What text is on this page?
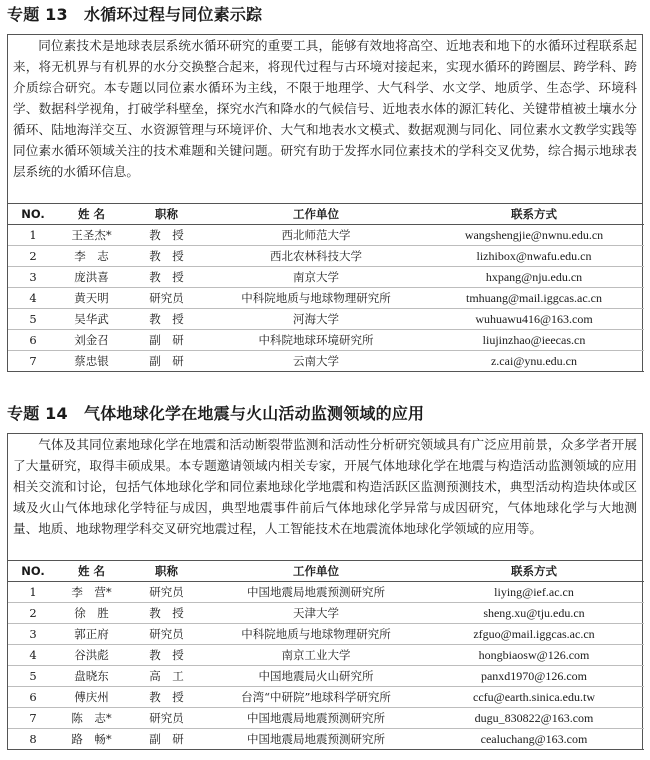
专题 13　水循环过程与同位素示踪
同位素技术是地球表层系统水循环研究的重要工具，能够有效地将高空、近地表和地下的水循环过程联系起来，将无机界与有机界的水分交换整合起来，将现代过程与古环境对接起来，实现水循环的跨圈层、跨学科、跨介质综合研究。本专题以同位素水循环为主线，不限于地理学、大气科学、水文学、地质学、生态学、环境科学、数据科学视角，打破学科壁垒，探究水汽和降水的气候信号、近地表水体的源汇转化、关键带植被土壤水分循环、陆地海洋交互、水资源管理与环境评价、大气和地表水文模式、数据观测与同化、同位素水文教学实践等同位素水循环领域关注的技术难题和关键问题。研究有助于发挥水同位素技术的学科交叉优势，综合揭示地球表层系统的水循环信息。
NO.	姓 名	职称	工作单位	联系方式
1	王圣杰*	教　授	西北师范大学	wangshengjie@nwnu.edu.cn
2	李　志	教　授	西北农林科技大学	lizhibox@nwafu.edu.cn
3	庞洪喜	教　授	南京大学	hxpang@nju.edu.cn
4	黄天明	研究员	中科院地质与地球物理研究所	tmhuang@mail.iggcas.ac.cn
5	吴华武	教　授	河海大学	wuhuawu416@163.com
6	刘金召	副　研	中科院地球环境研究所	liujinzhao@ieecas.cn
7	蔡忠银	副　研	云南大学	z.cai@ynu.edu.cn
专题 14　气体地球化学在地震与火山活动监测领域的应用
气体及其同位素地球化学在地震和活动断裂带监测和活动性分析研究领域具有广泛应用前景，众多学者开展了大量研究，取得丰硕成果。本专题邀请领域内相关专家，开展气体地球化学在地震与构造活动监测领域的应用相关交流和讨论，包括气体地球化学和同位素地球化学地震和构造活跃区监测预测技术，典型活动构造块体或区域及火山气体地球化学特征与成因，典型地震事件前后气体地球化学异常与成因研究，气体地球化学与大地测量、地质、地球物理学科交叉研究地震过程，人工智能技术在地震流体地球化学领域的应用等。
NO.	姓 名	职称	工作单位	联系方式
1	李　营*	研究员	中国地震局地震预测研究所	liying@ief.ac.cn
2	徐　胜	教　授	天津大学	sheng.xu@tju.edu.cn
3	郭正府	研究员	中科院地质与地球物理研究所	zfguo@mail.iggcas.ac.cn
4	谷洪彪	教　授	南京工业大学	hongbiaosw@126.com
5	盘晓东	高　工	中国地震局火山研究所	panxd1970@126.com
6	傅庆州	教　授	台湾“中研院”地球科学研究所	ccfu@earth.sinica.edu.tw
7	陈　志*	研究员	中国地震局地震预测研究所	dugu_830822@163.com
8	路　畅*	副　研	中国地震局地震预测研究所	cealuchang@163.com
